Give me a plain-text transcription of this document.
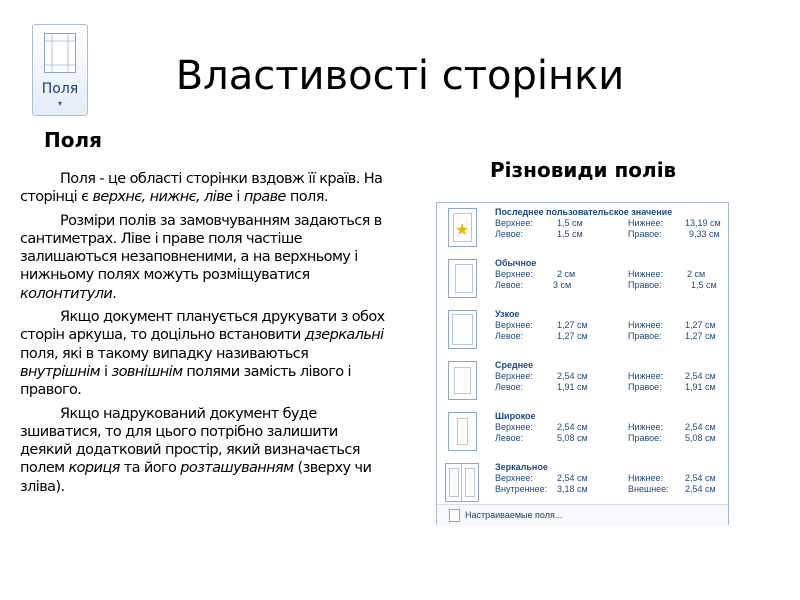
Властивості сторінки
Поля
▾
Поля

Поля - це області сторінки вздовж її країв. На сторінці є верхнє, нижнє, ліве і праве поля.

Розміри полів за замовчуванням задаються в сантиметрах. Ліве і праве поля частіше залишаються незаповненими, а на верхньому і нижньому полях можуть розміщуватися колонтитули.

Якщо документ планується друкувати з обох сторін аркуша, то доцільно встановити дзеркальні поля, які в такому випадку називаються внутрішнім і зовнішнім полями замість лівого і правого.

Якщо надрукований документ буде зшиватися, то для цього потрібно залишити деякий додатковий простір, який визначається полем кориця та його розташуванням (зверху чи зліва).

Різновиди полів
★
Последнее пользовательское значение
Верхнее:	1,5 см	Нижнее: 13,19 см
Левое:	1,5 см	Правое:	9,33 см
Обычное
Верхнее:	2 см	Нижнее:	2 см
Левое:	3 см	Правое:	1,5 см
Узкое
Верхнее:	1,27 см	Нижнее: 1,27 см
Левое:	1,27 см	Правое:	1,27 см
Среднее
Верхнее:	2,54 см	Нижнее: 2,54 см
Левое:	1,91 см	Правое:	1,91 см
Широкое
Верхнее:	2,54 см	Нижнее: 2,54 см
Левое:	5,08 см	Правое:	5,08 см
Зеркальное
Верхнее:	2,54 см	Нижнее: 2,54 см
Внутреннее: 3,18 см	Внешнее: 2,54 см
Настраиваемые поля...
